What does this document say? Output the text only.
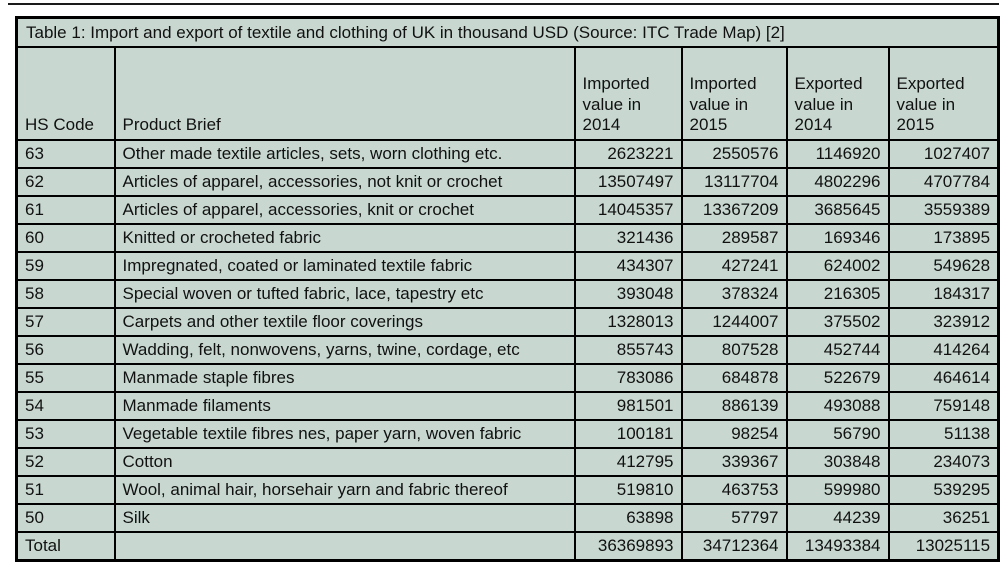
Table 1: Import and export of textile and clothing of UK in thousand USD (Source: ITC Trade Map) [2]					
HS Code	Product Brief	Imported value in 2014	Imported value in 2015	Exported value in 2014	Exported value in 2015
63	Other made textile articles, sets, worn clothing etc.	2623221	2550576	1146920	1027407
62	Articles of apparel, accessories, not knit or crochet	13507497	13117704	4802296	4707784
61	Articles of apparel, accessories, knit or crochet	14045357	13367209	3685645	3559389
60	Knitted or crocheted fabric	321436	289587	169346	173895
59	Impregnated, coated or laminated textile fabric	434307	427241	624002	549628
58	Special woven or tufted fabric, lace, tapestry etc	393048	378324	216305	184317
57	Carpets and other textile floor coverings	1328013	1244007	375502	323912
56	Wadding, felt, nonwovens, yarns, twine, cordage, etc	855743	807528	452744	414264
55	Manmade staple fibres	783086	684878	522679	464614
54	Manmade filaments	981501	886139	493088	759148
53	Vegetable textile fibres nes, paper yarn, woven fabric	100181	98254	56790	51138
52	Cotton	412795	339367	303848	234073
51	Wool, animal hair, horsehair yarn and fabric thereof	519810	463753	599980	539295
50	Silk	63898	57797	44239	36251
Total		36369893	34712364	13493384	13025115
